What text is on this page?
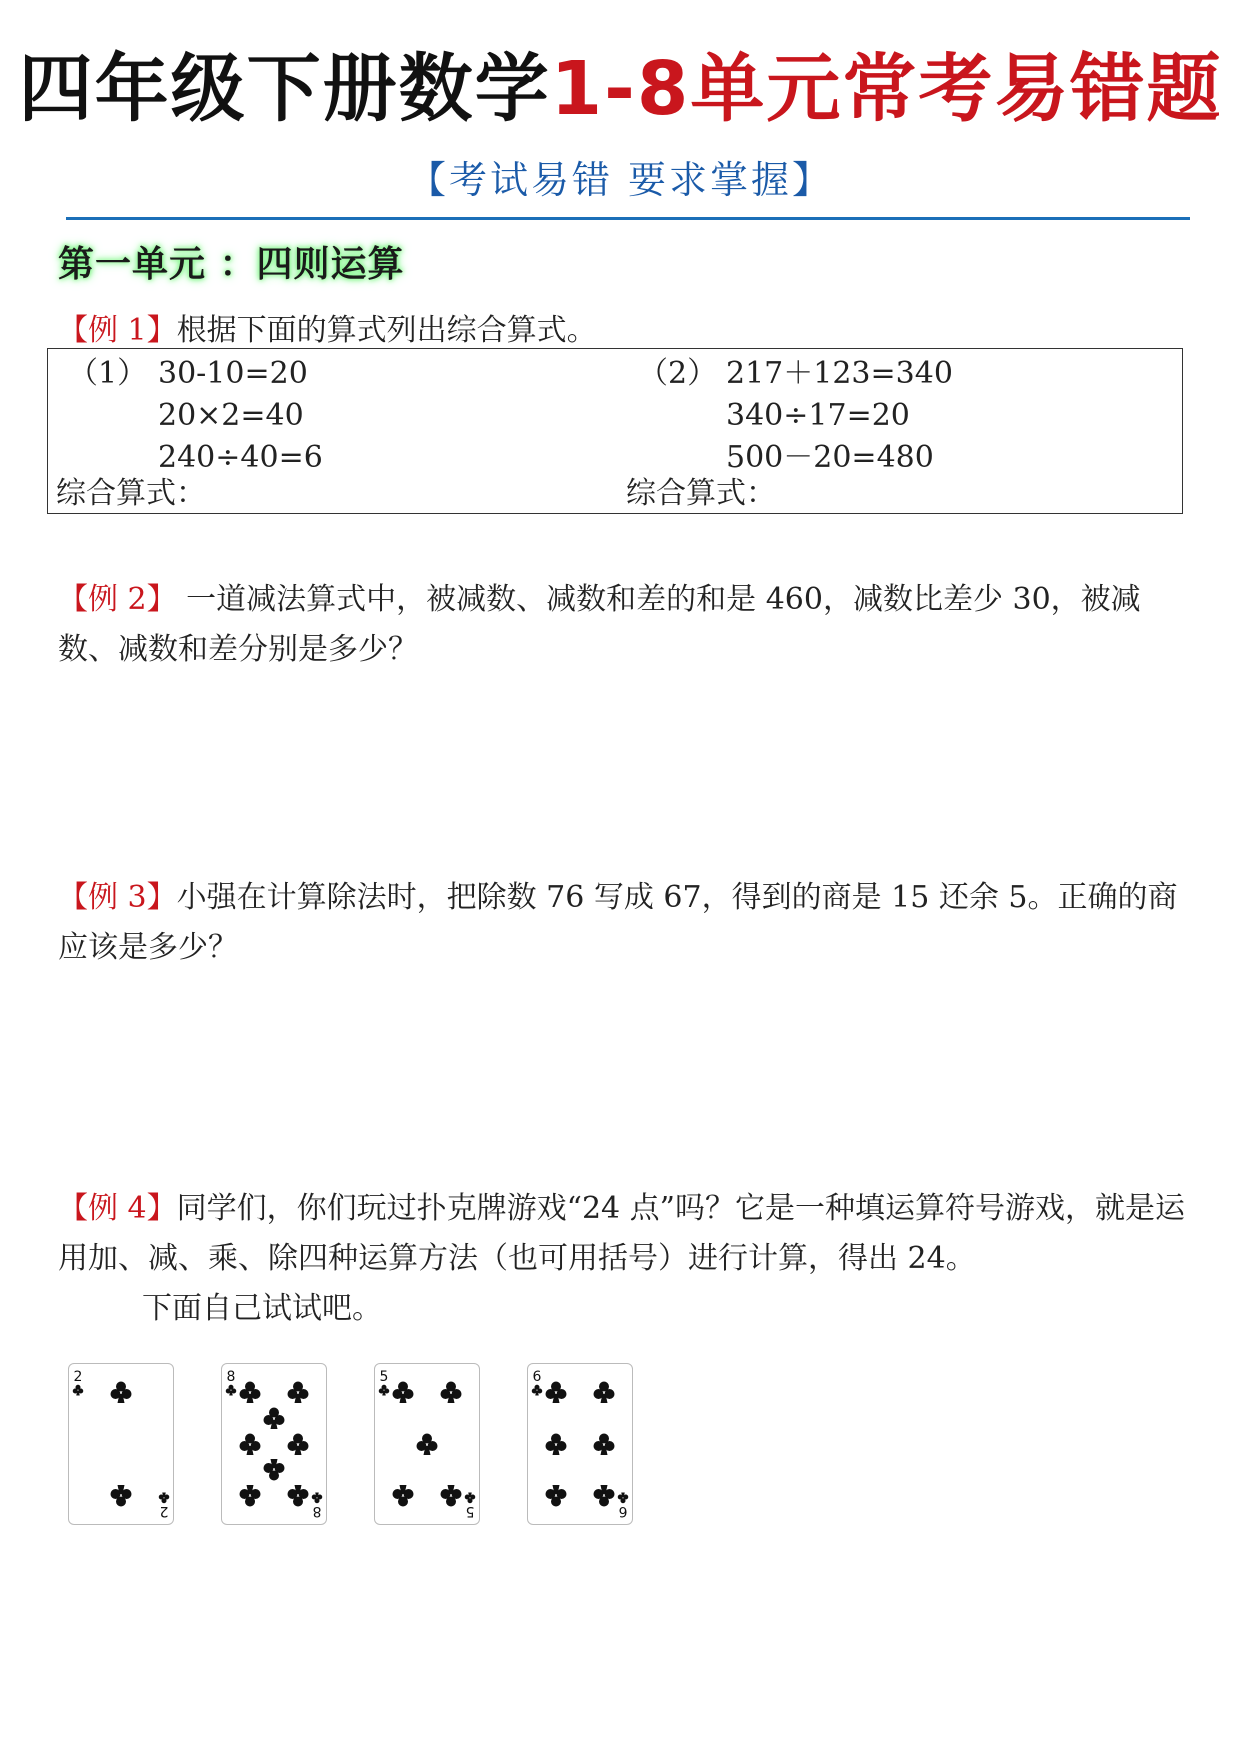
四年级下册数学1-8单元常考易错题
【考试易错 要求掌握】
第一单元 ：四则运算
【例 1】根据下面的算式列出综合算式。
（1） 30-10=20
20×2=40
240÷40=6
综合算式：
（2） 217＋123=340
340÷17=20
500－20=480
综合算式：
【例 2】 一道减法算式中，被减数、减数和差的和是 460，减数比差少 30，被减数、减数和差分别是多少？
【例 3】小强在计算除法时，把除数 76 写成 67，得到的商是 15 还余 5。正确的商应该是多少？
【例 4】同学们，你们玩过扑克牌游戏“24 点”吗？它是一种填运算符号游戏，就是运用加、减、乘、除四种运算方法（也可用括号）进行计算，得出 24。
下面自己试试吧。
2
2
8
8
5
5
6
6
